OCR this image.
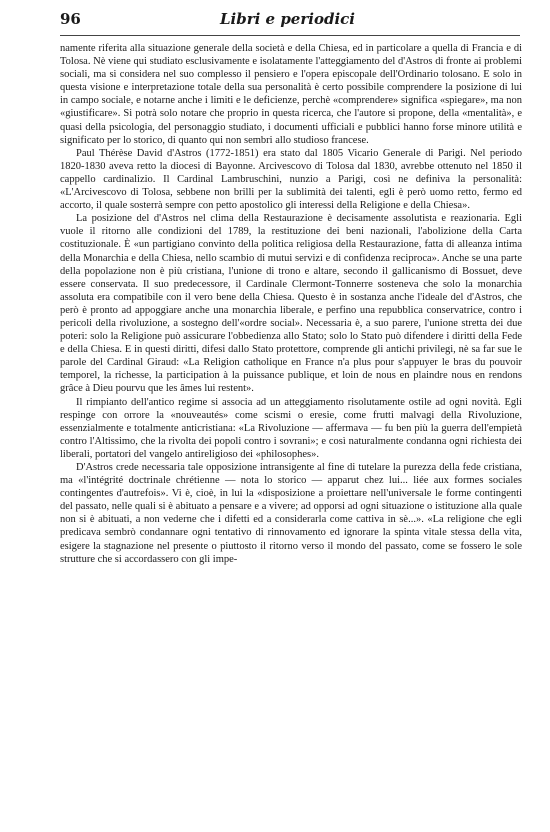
96	Libri e periodici

namente riferita alla situazione generale della società e della Chiesa, ed in particolare a quella di Francia e di Tolosa. Nè viene qui studiato esclusivamente e isolatamente l'atteggiamento del d'Astros di fronte ai problemi sociali, ma si considera nel suo complesso il pensiero e l'opera episcopale dell'Ordinario tolosano. E solo in questa visione e interpretazione totale della sua personalità è certo possibile comprendere la posizione di lui in campo sociale, e notarne anche i limiti e le deficienze, perchè «comprendere» significa «spiegare», ma non «giustificare». Si potrà solo notare che proprio in questa ricerca, che l'autore si propone, della «mentalità», e quasi della psicologia, del personaggio studiato, i documenti ufficiali e pubblici hanno forse minore utilità e significato per lo storico, di quanto qui non sembri allo studioso francese.

Paul Thérèse David d'Astros (1772-1851) era stato dal 1805 Vicario Generale di Parigi. Nel periodo 1820-1830 aveva retto la diocesi di Bayonne. Arcivescovo di Tolosa dal 1830, avrebbe ottenuto nel 1850 il cappello cardinalizio. Il Cardinal Lambruschini, nunzio a Parigi, così ne definiva la personalità: «L'Arcivescovo di Tolosa, sebbene non brilli per la sublimità dei talenti, egli è però uomo retto, fermo ed accorto, il quale sosterrà sempre con petto apostolico gli interessi della Religione e della Chiesa».

La posizione del d'Astros nel clima della Restaurazione è decisamente assolutista e reazionaria. Egli vuole il ritorno alle condizioni del 1789, la restituzione dei beni nazionali, l'abolizione della Carta costituzionale. È «un partigiano convinto della politica religiosa della Restaurazione, fatta di alleanza intima della Monarchia e della Chiesa, nello scambio di mutui servizi e di confidenza reciproca». Anche se una parte della popolazione non è più cristiana, l'unione di trono e altare, secondo il gallicanismo di Bossuet, deve essere conservata. Il suo predecessore, il Cardinale Clermont-Tonnerre sosteneva che solo la monarchia assoluta era compatibile con il vero bene della Chiesa. Questo è in sostanza anche l'ideale del d'Astros, che però è pronto ad appoggiare anche una monarchia liberale, e perfino una repubblica conservatrice, contro i pericoli della rivoluzione, a sostegno dell'«ordre social». Necessaria è, a suo parere, l'unione stretta dei due poteri: solo la Religione può assicurare l'obbedienza allo Stato; solo lo Stato può difendere i diritti della Fede e della Chiesa. E in questi diritti, difesi dallo Stato protettore, comprende gli antichi privilegi, nè sa far sue le parole del Cardinal Giraud: «La Religion catholique en France n'a plus pour s'appuyer le bras du pouvoir temporel, la richesse, la participation à la puissance publique, et loin de nous en plaindre nous en rendons grâce à Dieu pourvu que les âmes lui restent».

Il rimpianto dell'antico regime si associa ad un atteggiamento risolutamente ostile ad ogni novità. Egli respinge con orrore la «nouveautés» come scismi o eresie, come frutti malvagi della Rivoluzione, essenzialmente e totalmente anticristiana: «La Rivoluzione — affermava — fu ben più la guerra dell'empietà contro l'Altissimo, che la rivolta dei popoli contro i sovrani»; e così naturalmente condanna ogni richiesta dei liberali, portatori del vangelo antireligioso dei «philosophes».

D'Astros crede necessaria tale opposizione intransigente al fine di tutelare la purezza della fede cristiana, ma «l'intégrité doctrinale chrétienne — nota lo storico — apparut chez lui... liée aux formes sociales contingentes d'autrefois». Vi è, cioè, in lui la «disposizione a proiettare nell'universale le forme contingenti del passato, nelle quali si è abituato a pensare e a vivere; ad opporsi ad ogni situazione o istituzione alla quale non si è abituati, a non vederne che i difetti ed a considerarla come cattiva in sè...». «La religione che egli predicava sembrò condannare ogni tentativo di rinnovamento ed ignorare la spinta vitale stessa della vita, esigere la stagnazione nel presente o piuttosto il ritorno verso il mondo del passato, come se fossero le sole strutture che si accordassero con gli impe-
